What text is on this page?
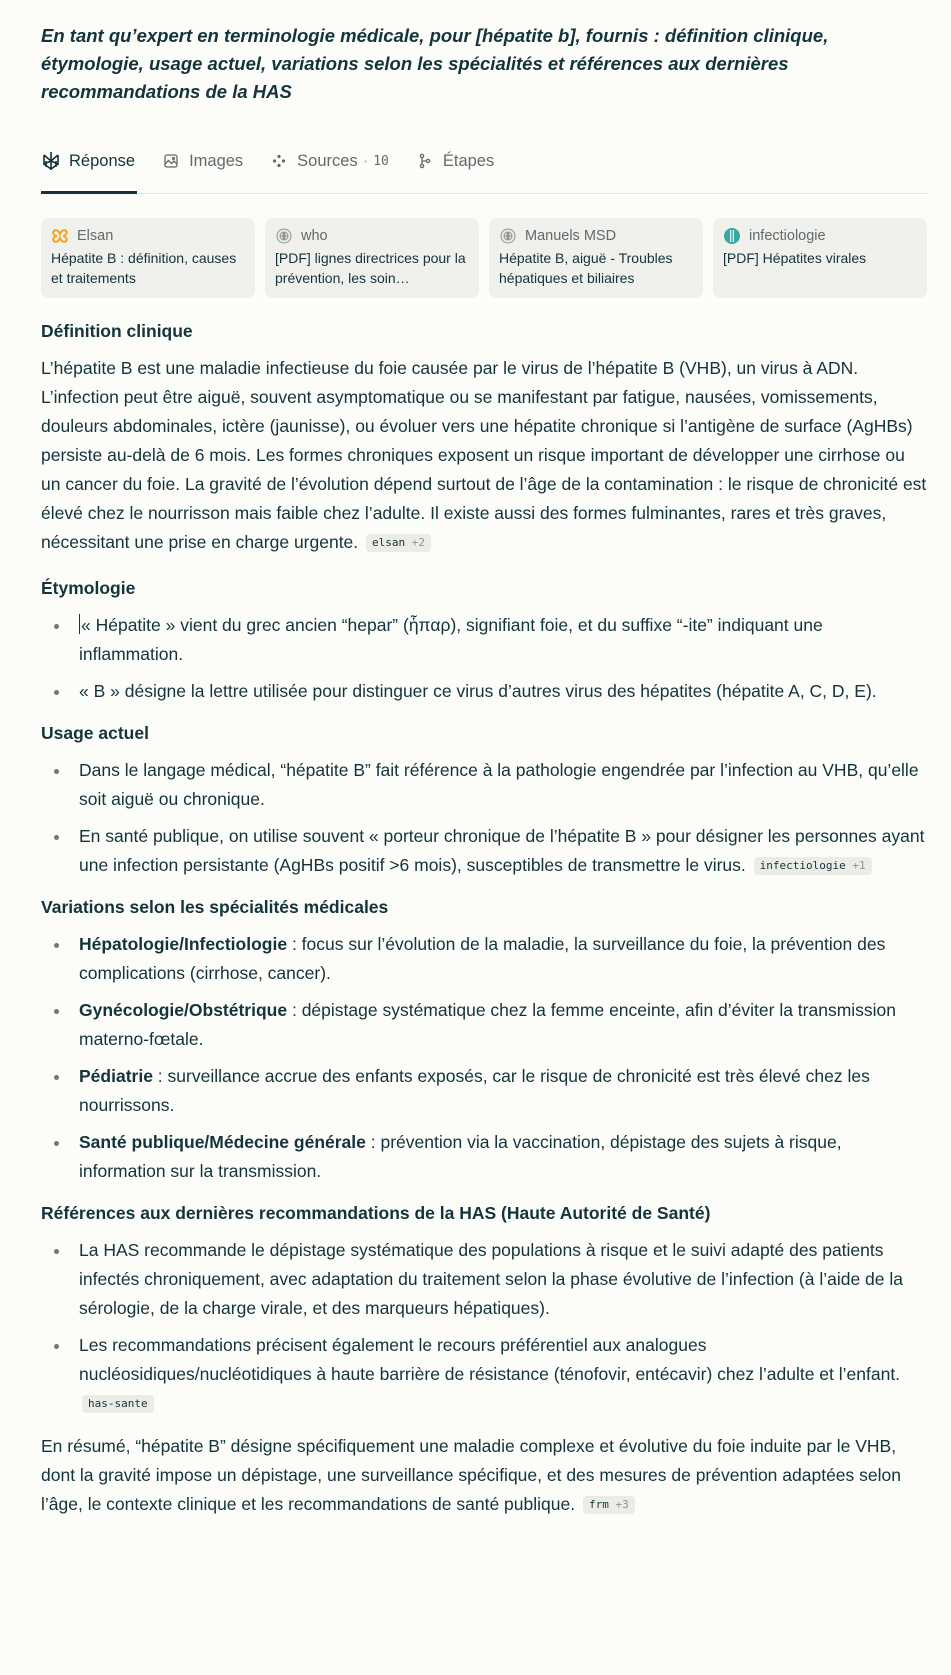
En tant qu’expert en terminologie médicale, pour [hépatite b], fournis : définition clinique, étymologie, usage actuel, variations selon les spécialités et références aux dernières recommandations de la HAS
Réponse	Images	Sources · 10	Étapes
Elsan
Hépatite B : définition, causes et traitements
who
[PDF] lignes directrices pour la prévention, les soin…
Manuels MSD
Hépatite B, aiguë - Troubles hépatiques et biliaires
infectiologie
[PDF] Hépatites virales
Définition clinique

L’hépatite B est une maladie infectieuse du foie causée par le virus de l’hépatite B (VHB), un virus à ADN. L’infection peut être aiguë, souvent asymptomatique ou se manifestant par fatigue, nausées, vomissements, douleurs abdominales, ictère (jaunisse), ou évoluer vers une hépatite chronique si l’antigène de surface (AgHBs) persiste au-delà de 6 mois. Les formes chroniques exposent un risque important de développer une cirrhose ou un cancer du foie. La gravité de l’évolution dépend surtout de l’âge de la contamination : le risque de chronicité est élevé chez le nourrisson mais faible chez l’adulte. Il existe aussi des formes fulminantes, rares et très graves, nécessitant une prise en charge urgente. elsan +2

Étymologie
« Hépatite » vient du grec ancien “hepar” (ἧπαρ), signifiant foie, et du suffixe “-ite” indiquant une inflammation.
« B » désigne la lettre utilisée pour distinguer ce virus d’autres virus des hépatites (hépatite A, C, D, E).
Usage actuel
Dans le langage médical, “hépatite B” fait référence à la pathologie engendrée par l’infection au VHB, qu’elle soit aiguë ou chronique.
En santé publique, on utilise souvent « porteur chronique de l’hépatite B » pour désigner les personnes ayant une infection persistante (AgHBs positif >6 mois), susceptibles de transmettre le virus. infectiologie +1
Variations selon les spécialités médicales
Hépatologie/Infectiologie : focus sur l’évolution de la maladie, la surveillance du foie, la prévention des complications (cirrhose, cancer).
Gynécologie/Obstétrique : dépistage systématique chez la femme enceinte, afin d’éviter la transmission materno-fœtale.
Pédiatrie : surveillance accrue des enfants exposés, car le risque de chronicité est très élevé chez les nourrissons.
Santé publique/Médecine générale : prévention via la vaccination, dépistage des sujets à risque, information sur la transmission.
Références aux dernières recommandations de la HAS (Haute Autorité de Santé)
La HAS recommande le dépistage systématique des populations à risque et le suivi adapté des patients infectés chroniquement, avec adaptation du traitement selon la phase évolutive de l’infection (à l’aide de la sérologie, de la charge virale, et des marqueurs hépatiques).
Les recommandations précisent également le recours préférentiel aux analogues nucléosidiques/nucléotidiques à haute barrière de résistance (ténofovir, entécavir) chez l’adulte et l’enfant. has-sante

En résumé, “hépatite B” désigne spécifiquement une maladie complexe et évolutive du foie induite par le VHB, dont la gravité impose un dépistage, une surveillance spécifique, et des mesures de prévention adaptées selon l’âge, le contexte clinique et les recommandations de santé publique. frm +3
